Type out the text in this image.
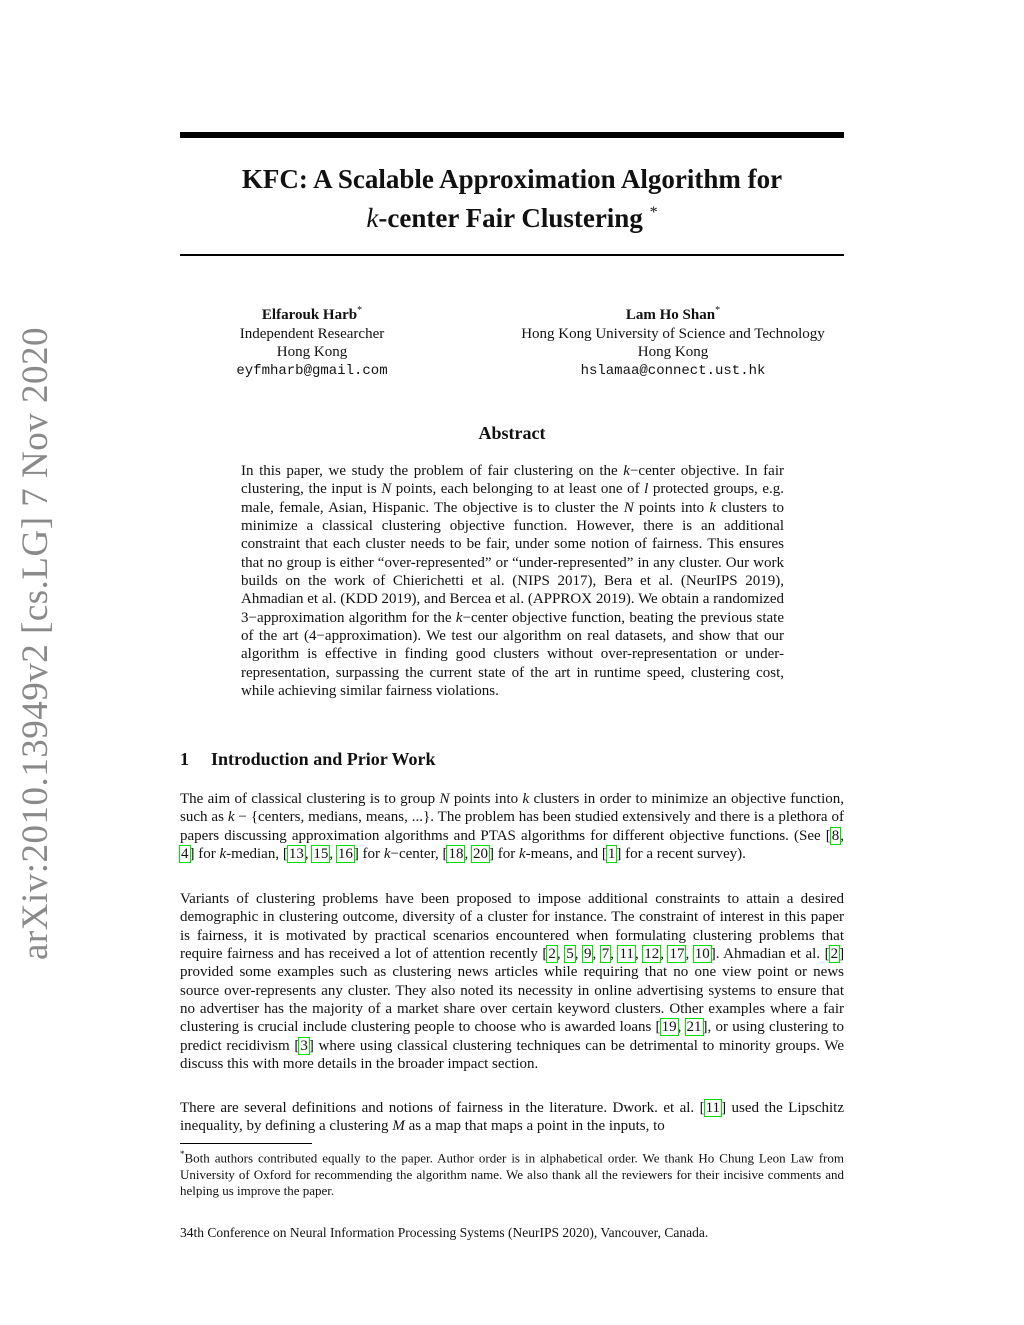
arXiv:2010.13949v2 [cs.LG] 7 Nov 2020
KFC: A Scalable Approximation Algorithm for
k-center Fair Clustering *
Elfarouk Harb*
Independent Researcher
Hong Kong
eyfmharb@gmail.com
Lam Ho Shan*
Hong Kong University of Science and Technology
Hong Kong
hslamaa@connect.ust.hk
Abstract

In this paper, we study the problem of fair clustering on the k−center objective. In fair clustering, the input is N points, each belonging to at least one of l protected groups, e.g. male, female, Asian, Hispanic. The objective is to cluster the N points into k clusters to minimize a classical clustering objective function. However, there is an additional constraint that each cluster needs to be fair, under some notion of fairness. This ensures that no group is either “over-represented” or “under-represented” in any cluster. Our work builds on the work of Chierichetti et al. (NIPS 2017), Bera et al. (NeurIPS 2019), Ahmadian et al. (KDD 2019), and Bercea et al. (APPROX 2019). We obtain a randomized 3−approximation algorithm for the k−center objective function, beating the previous state of the art (4−approximation). We test our algorithm on real datasets, and show that our algorithm is effective in finding good clusters without over-representation or under-representation, surpassing the current state of the art in runtime speed, clustering cost, while achieving similar fairness violations.

1 Introduction and Prior Work

The aim of classical clustering is to group N points into k clusters in order to minimize an objective function, such as k − {centers, medians, means, ...}. The problem has been studied extensively and there is a plethora of papers discussing approximation algorithms and PTAS algorithms for different objective functions. (See [8, 4] for k-median, [13, 15, 16] for k−center, [18, 20] for k-means, and [1] for a recent survey).

Variants of clustering problems have been proposed to impose additional constraints to attain a desired demographic in clustering outcome, diversity of a cluster for instance. The constraint of interest in this paper is fairness, it is motivated by practical scenarios encountered when formulating clustering problems that require fairness and has received a lot of attention recently [2, 5, 9, 7, 11, 12, 17, 10]. Ahmadian et al. [2] provided some examples such as clustering news articles while requiring that no one view point or news source over-represents any cluster. They also noted its necessity in online advertising systems to ensure that no advertiser has the majority of a market share over certain keyword clusters. Other examples where a fair clustering is crucial include clustering people to choose who is awarded loans [19, 21], or using clustering to predict recidivism [3] where using classical clustering techniques can be detrimental to minority groups. We discuss this with more details in the broader impact section.

There are several definitions and notions of fairness in the literature. Dwork. et al. [11] used the Lipschitz inequality, by defining a clustering M as a map that maps a point in the inputs, to

*Both authors contributed equally to the paper. Author order is in alphabetical order. We thank Ho Chung Leon Law from University of Oxford for recommending the algorithm name. We also thank all the reviewers for their incisive comments and helping us improve the paper.

34th Conference on Neural Information Processing Systems (NeurIPS 2020), Vancouver, Canada.
